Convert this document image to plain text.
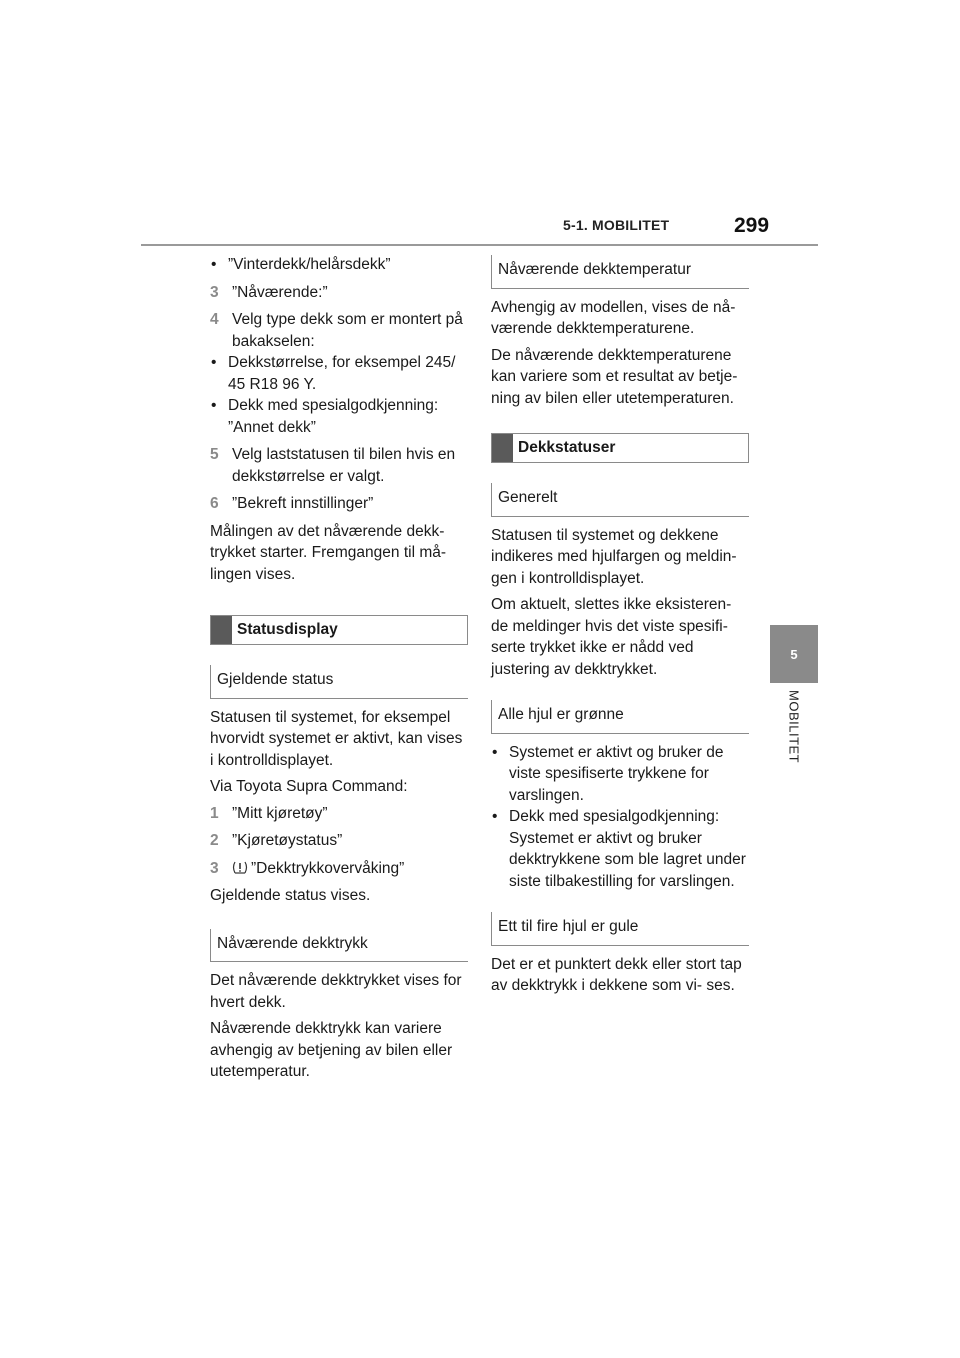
5-1. MOBILITET	299
5
MOBILITET
• ”Vinterdekk/helårsdekk”
3 ”Nåværende:”
4 Velg type dekk som er montert på bakakselen:
• Dekkstørrelse, for eksempel 245/ 45 R18 96 Y.
• Dekk med spesialgodkjenning: ”Annet dekk”
5 Velg laststatusen til bilen hvis en dekkstørrelse er valgt.
6 ”Bekreft innstillinger”

Målingen av det nåværende dekk- trykket starter. Fremgangen til må- lingen vises.

Statusdisplay
Gjeldende status

Statusen til systemet, for eksempel hvorvidt systemet er aktivt, kan vises i kontrolldisplayet.

Via Toyota Supra Command:

1 ”Mitt kjøretøy”
2 ”Kjøretøystatus”
3 ”Dekktrykkovervåking”

Gjeldende status vises.

Nåværende dekktrykk

Det nåværende dekktrykket vises for hvert dekk.

Nåværende dekktrykk kan variere avhengig av betjening av bilen eller utetemperatur.

Nåværende dekktemperatur

Avhengig av modellen, vises de nå- værende dekktemperaturene.

De nåværende dekktemperaturene kan variere som et resultat av betje- ning av bilen eller utetemperaturen.

Dekkstatuser
Generelt

Statusen til systemet og dekkene indikeres med hjulfargen og meldin- gen i kontrolldisplayet.

Om aktuelt, slettes ikke eksisteren- de meldinger hvis det viste spesifi- serte trykket ikke er nådd ved justering av dekktrykket.

Alle hjul er grønne
• Systemet er aktivt og bruker de viste spesifiserte trykkene for varslingen.
• Dekk med spesialgodkjenning: Systemet er aktivt og bruker dekktrykkene som ble lagret under siste tilbakestilling for varslingen.
Ett til fire hjul er gule

Det er et punktert dekk eller stort tap av dekktrykk i dekkene som vi- ses.
